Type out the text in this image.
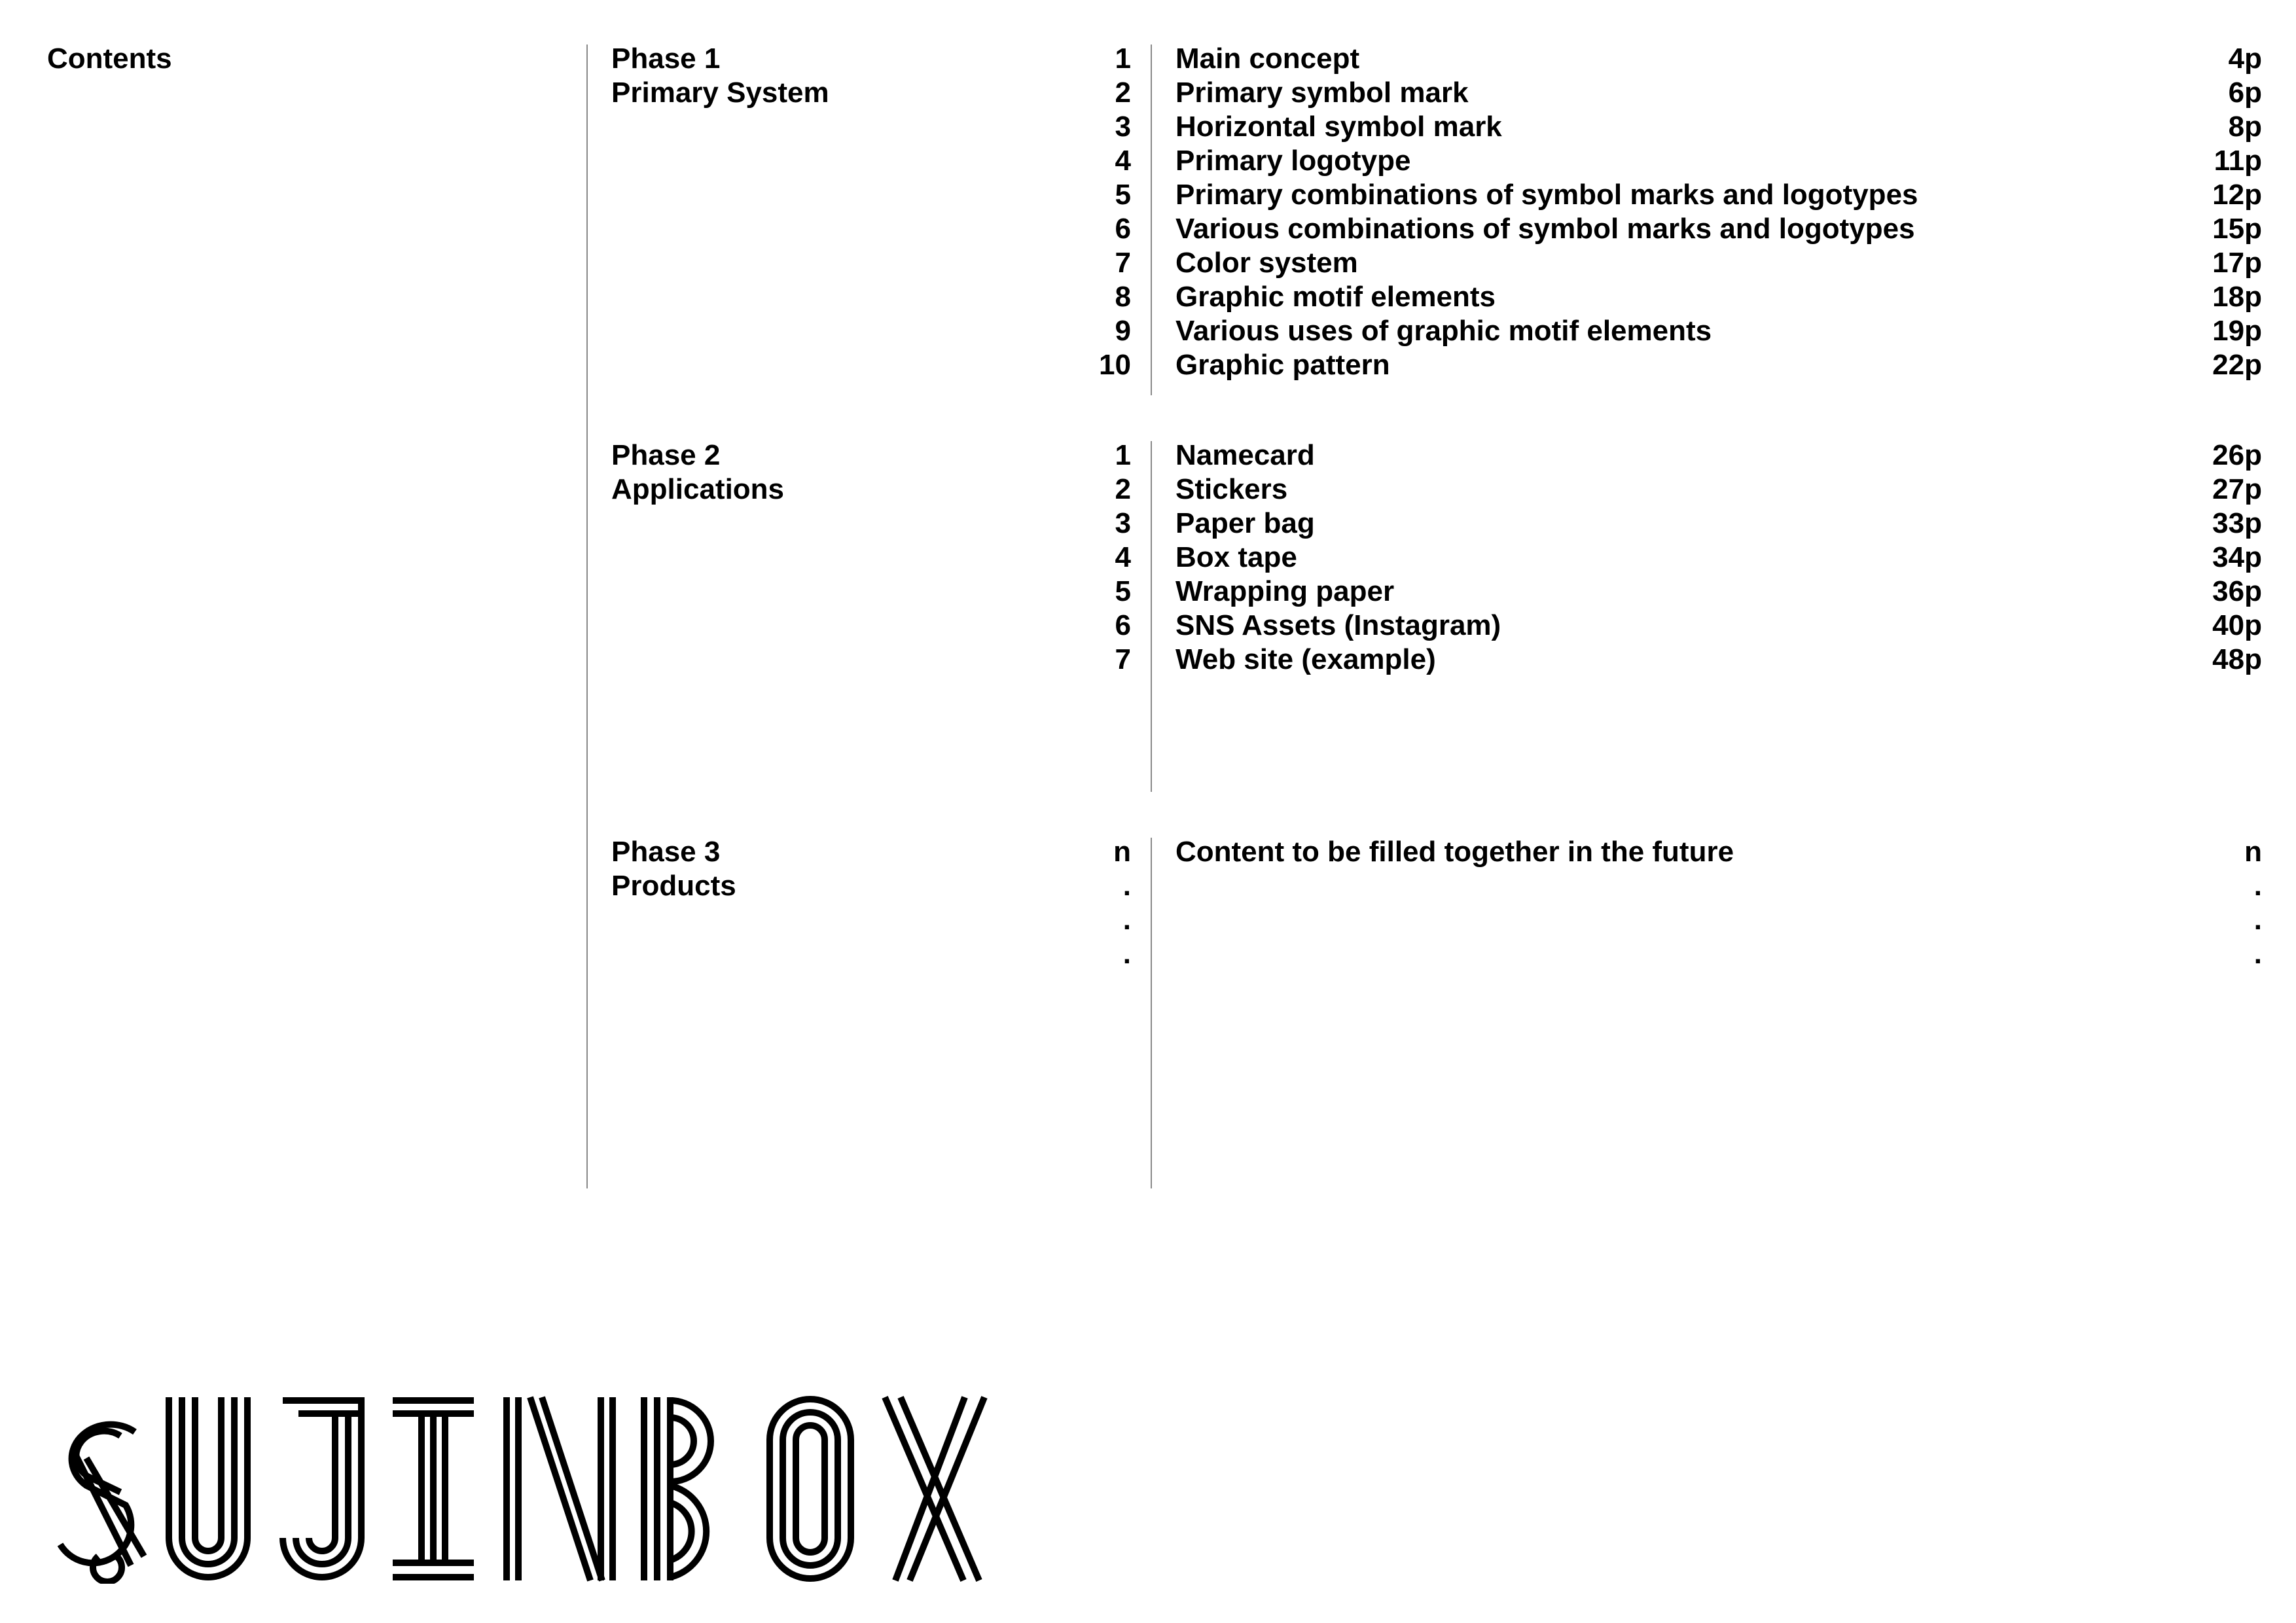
Contents	Phase 1
Primary System
1
2
3
4
5
6
7
8
9
10
Main concept
Primary symbol mark
Horizontal symbol mark
Primary logotype
Primary combinations of symbol marks and logotypes
Various combinations of symbol marks and logotypes
Color system
Graphic motif elements
Various uses of graphic motif elements
Graphic pattern
4p
6p
8p
11p
12p
15p
17p
18p
19p
22p
Phase 2
Applications
1
2
3
4
5
6
7
Namecard
Stickers
Paper bag
Box tape
Wrapping paper
SNS Assets (Instagram)
Web site (example)
26p
27p
33p
34p
36p
40p
48p
Phase 3
Products
n
.
.
.
Content to be filled together in the future	n
.
.
.
